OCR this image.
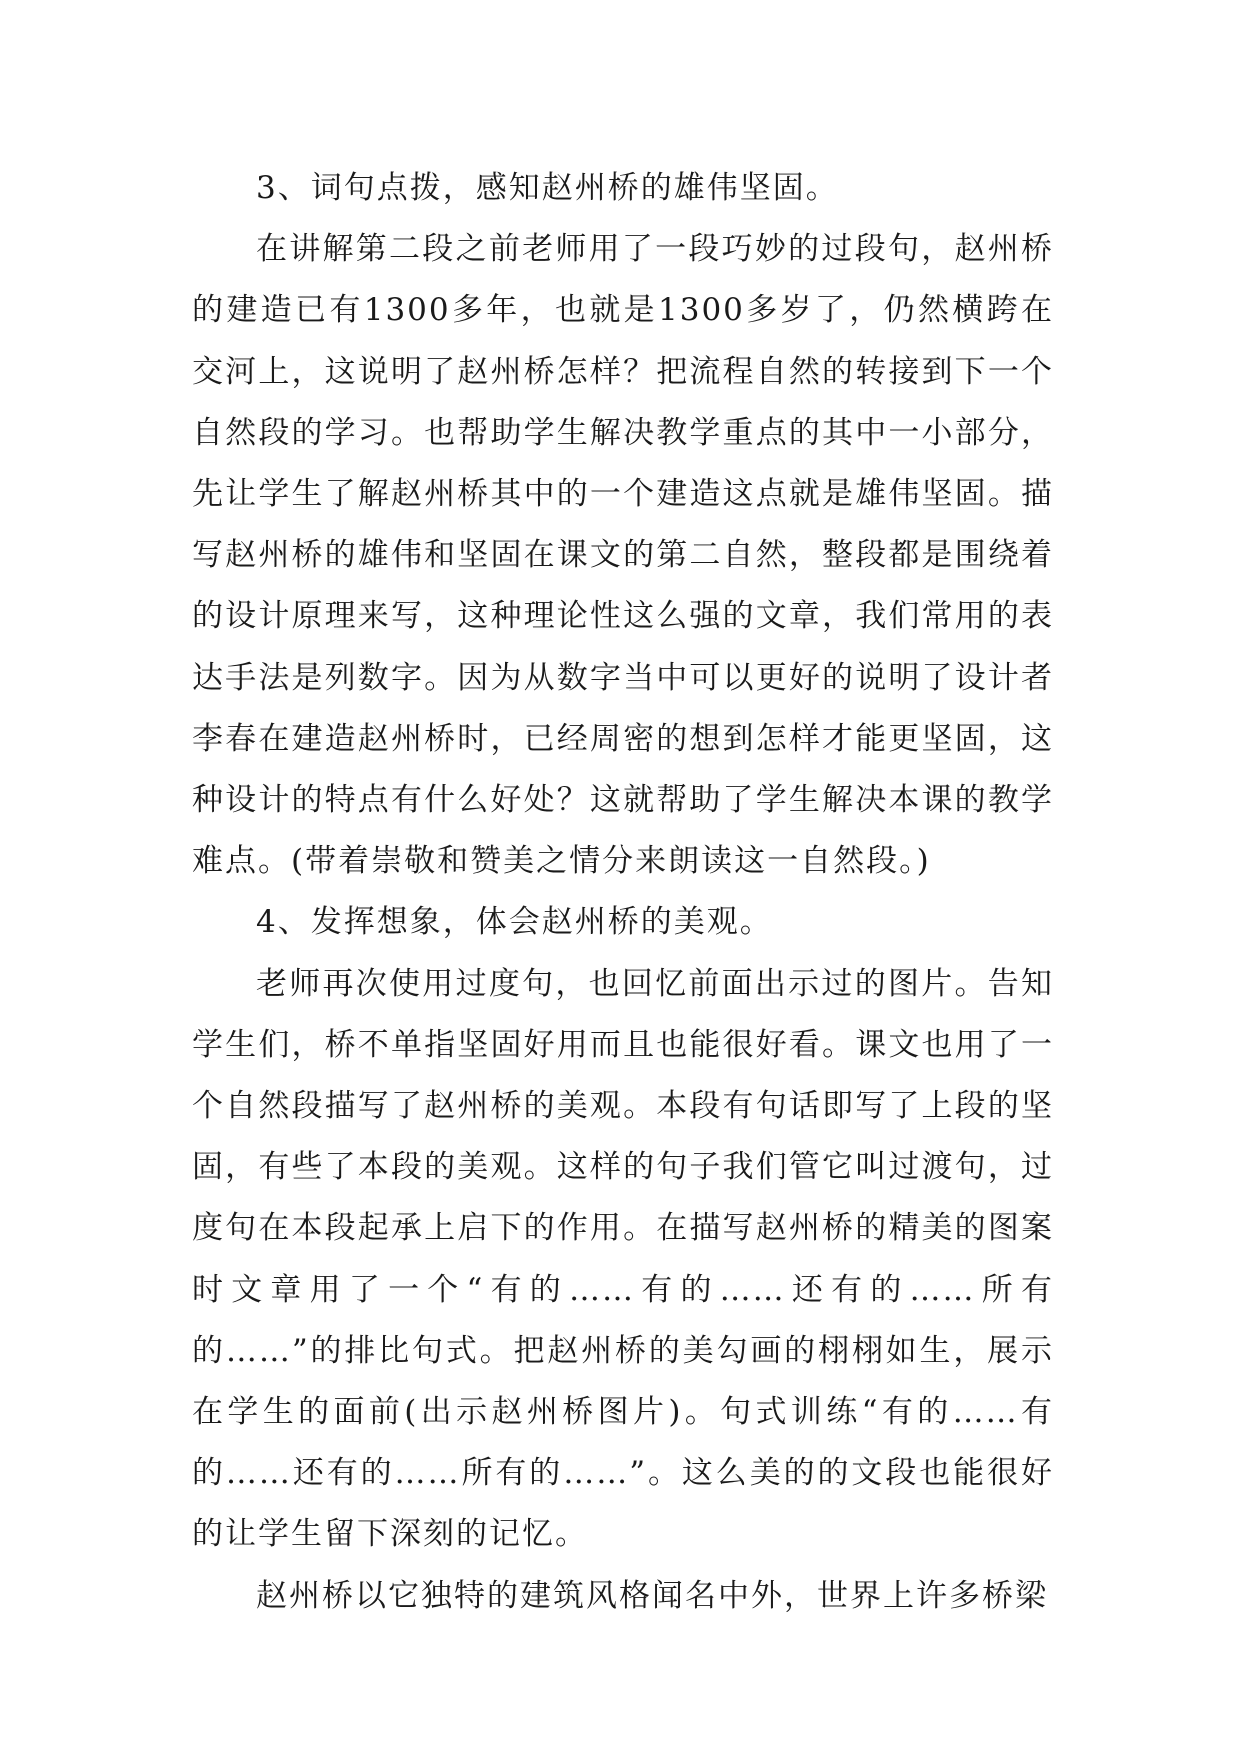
3、词句点拨，感知赵州桥的雄伟坚固。

在讲解第二段之前老师用了一段巧妙的过段句，赵州桥的建造已有1300多年，也就是1300多岁了，仍然横跨在交河上，这说明了赵州桥怎样？把流程自然的转接到下一个自然段的学习。也帮助学生解决教学重点的其中一小部分，先让学生了解赵州桥其中的一个建造这点就是雄伟坚固。描写赵州桥的雄伟和坚固在课文的第二自然，整段都是围绕着的设计原理来写，这种理论性这么强的文章，我们常用的表达手法是列数字。因为从数字当中可以更好的说明了设计者李春在建造赵州桥时，已经周密的想到怎样才能更坚固，这种设计的特点有什么好处？这就帮助了学生解决本课的教学难点。(带着崇敬和赞美之情分来朗读这一自然段。)

4、发挥想象，体会赵州桥的美观。

老师再次使用过度句，也回忆前面出示过的图片。告知学生们，桥不单指坚固好用而且也能很好看。课文也用了一个自然段描写了赵州桥的美观。本段有句话即写了上段的坚固，有些了本段的美观。这样的句子我们管它叫过渡句，过度句在本段起承上启下的作用。在描写赵州桥的精美的图案时文章用了一个“有的……有的……还有的……所有的……”的排比句式。把赵州桥的美勾画的栩栩如生，展示在学生的面前(出示赵州桥图片)。句式训练“有的……有的……还有的……所有的……”。这么美的的文段也能很好的让学生留下深刻的记忆。

赵州桥以它独特的建筑风格闻名中外，世界上许多桥梁
